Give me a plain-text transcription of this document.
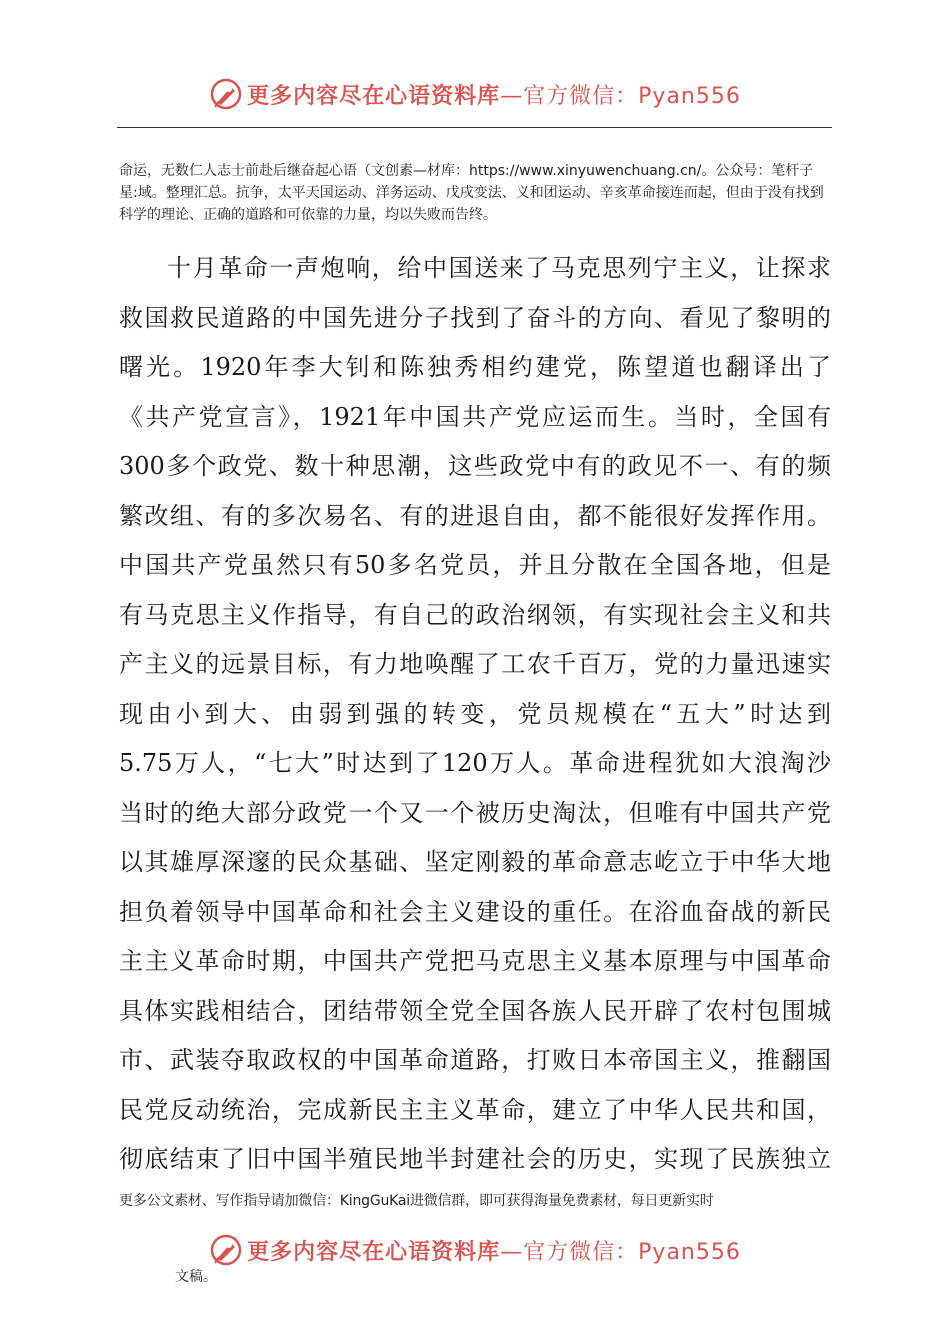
更多内容尽在心语资料库—官方微信：Pyan556
命运，无数仁人志士前赴后继奋起心语（文创素—材库：https://www.xinyuwenchuang.cn/。公众号：笔杆子星:域。整理汇总。抗争，太平天国运动、洋务运动、戊戌变法、义和团运动、辛亥革命接连而起，但由于没有找到科学的理论、正确的道路和可依靠的力量，均以失败而告终。
十月革命一声炮响，给中国送来了马克思列宁主义，让探求
救国救民道路的中国先进分子找到了奋斗的方向、看见了黎明的
曙光。1920年李大钊和陈独秀相约建党，陈望道也翻译出了
《共产党宣言》，1921年中国共产党应运而生。当时，全国有
300多个政党、数十种思潮，这些政党中有的政见不一、有的频
繁改组、有的多次易名、有的进退自由，都不能很好发挥作用。
中国共产党虽然只有50多名党员，并且分散在全国各地，但是
有马克思主义作指导，有自己的政治纲领，有实现社会主义和共
产主义的远景目标，有力地唤醒了工农千百万，党的力量迅速实
现由小到大、由弱到强的转变，党员规模在“五大”时达到
5.75万人，“七大”时达到了120万人。革命进程犹如大浪淘沙
当时的绝大部分政党一个又一个被历史淘汰，但唯有中国共产党
以其雄厚深邃的民众基础、坚定刚毅的革命意志屹立于中华大地
担负着领导中国革命和社会主义建设的重任。在浴血奋战的新民
主主义革命时期，中国共产党把马克思主义基本原理与中国革命
具体实践相结合，团结带领全党全国各族人民开辟了农村包围城
市、武装夺取政权的中国革命道路，打败日本帝国主义，推翻国
民党反动统治，完成新民主主义革命，建立了中华人民共和国，
彻底结束了旧中国半殖民地半封建社会的历史，实现了民族独立
更多公文素材、写作指导请加微信：KingGuKai进微信群，即可获得海量免费素材，每日更新实时
更多内容尽在心语资料库—官方微信：Pyan556
文稿。
